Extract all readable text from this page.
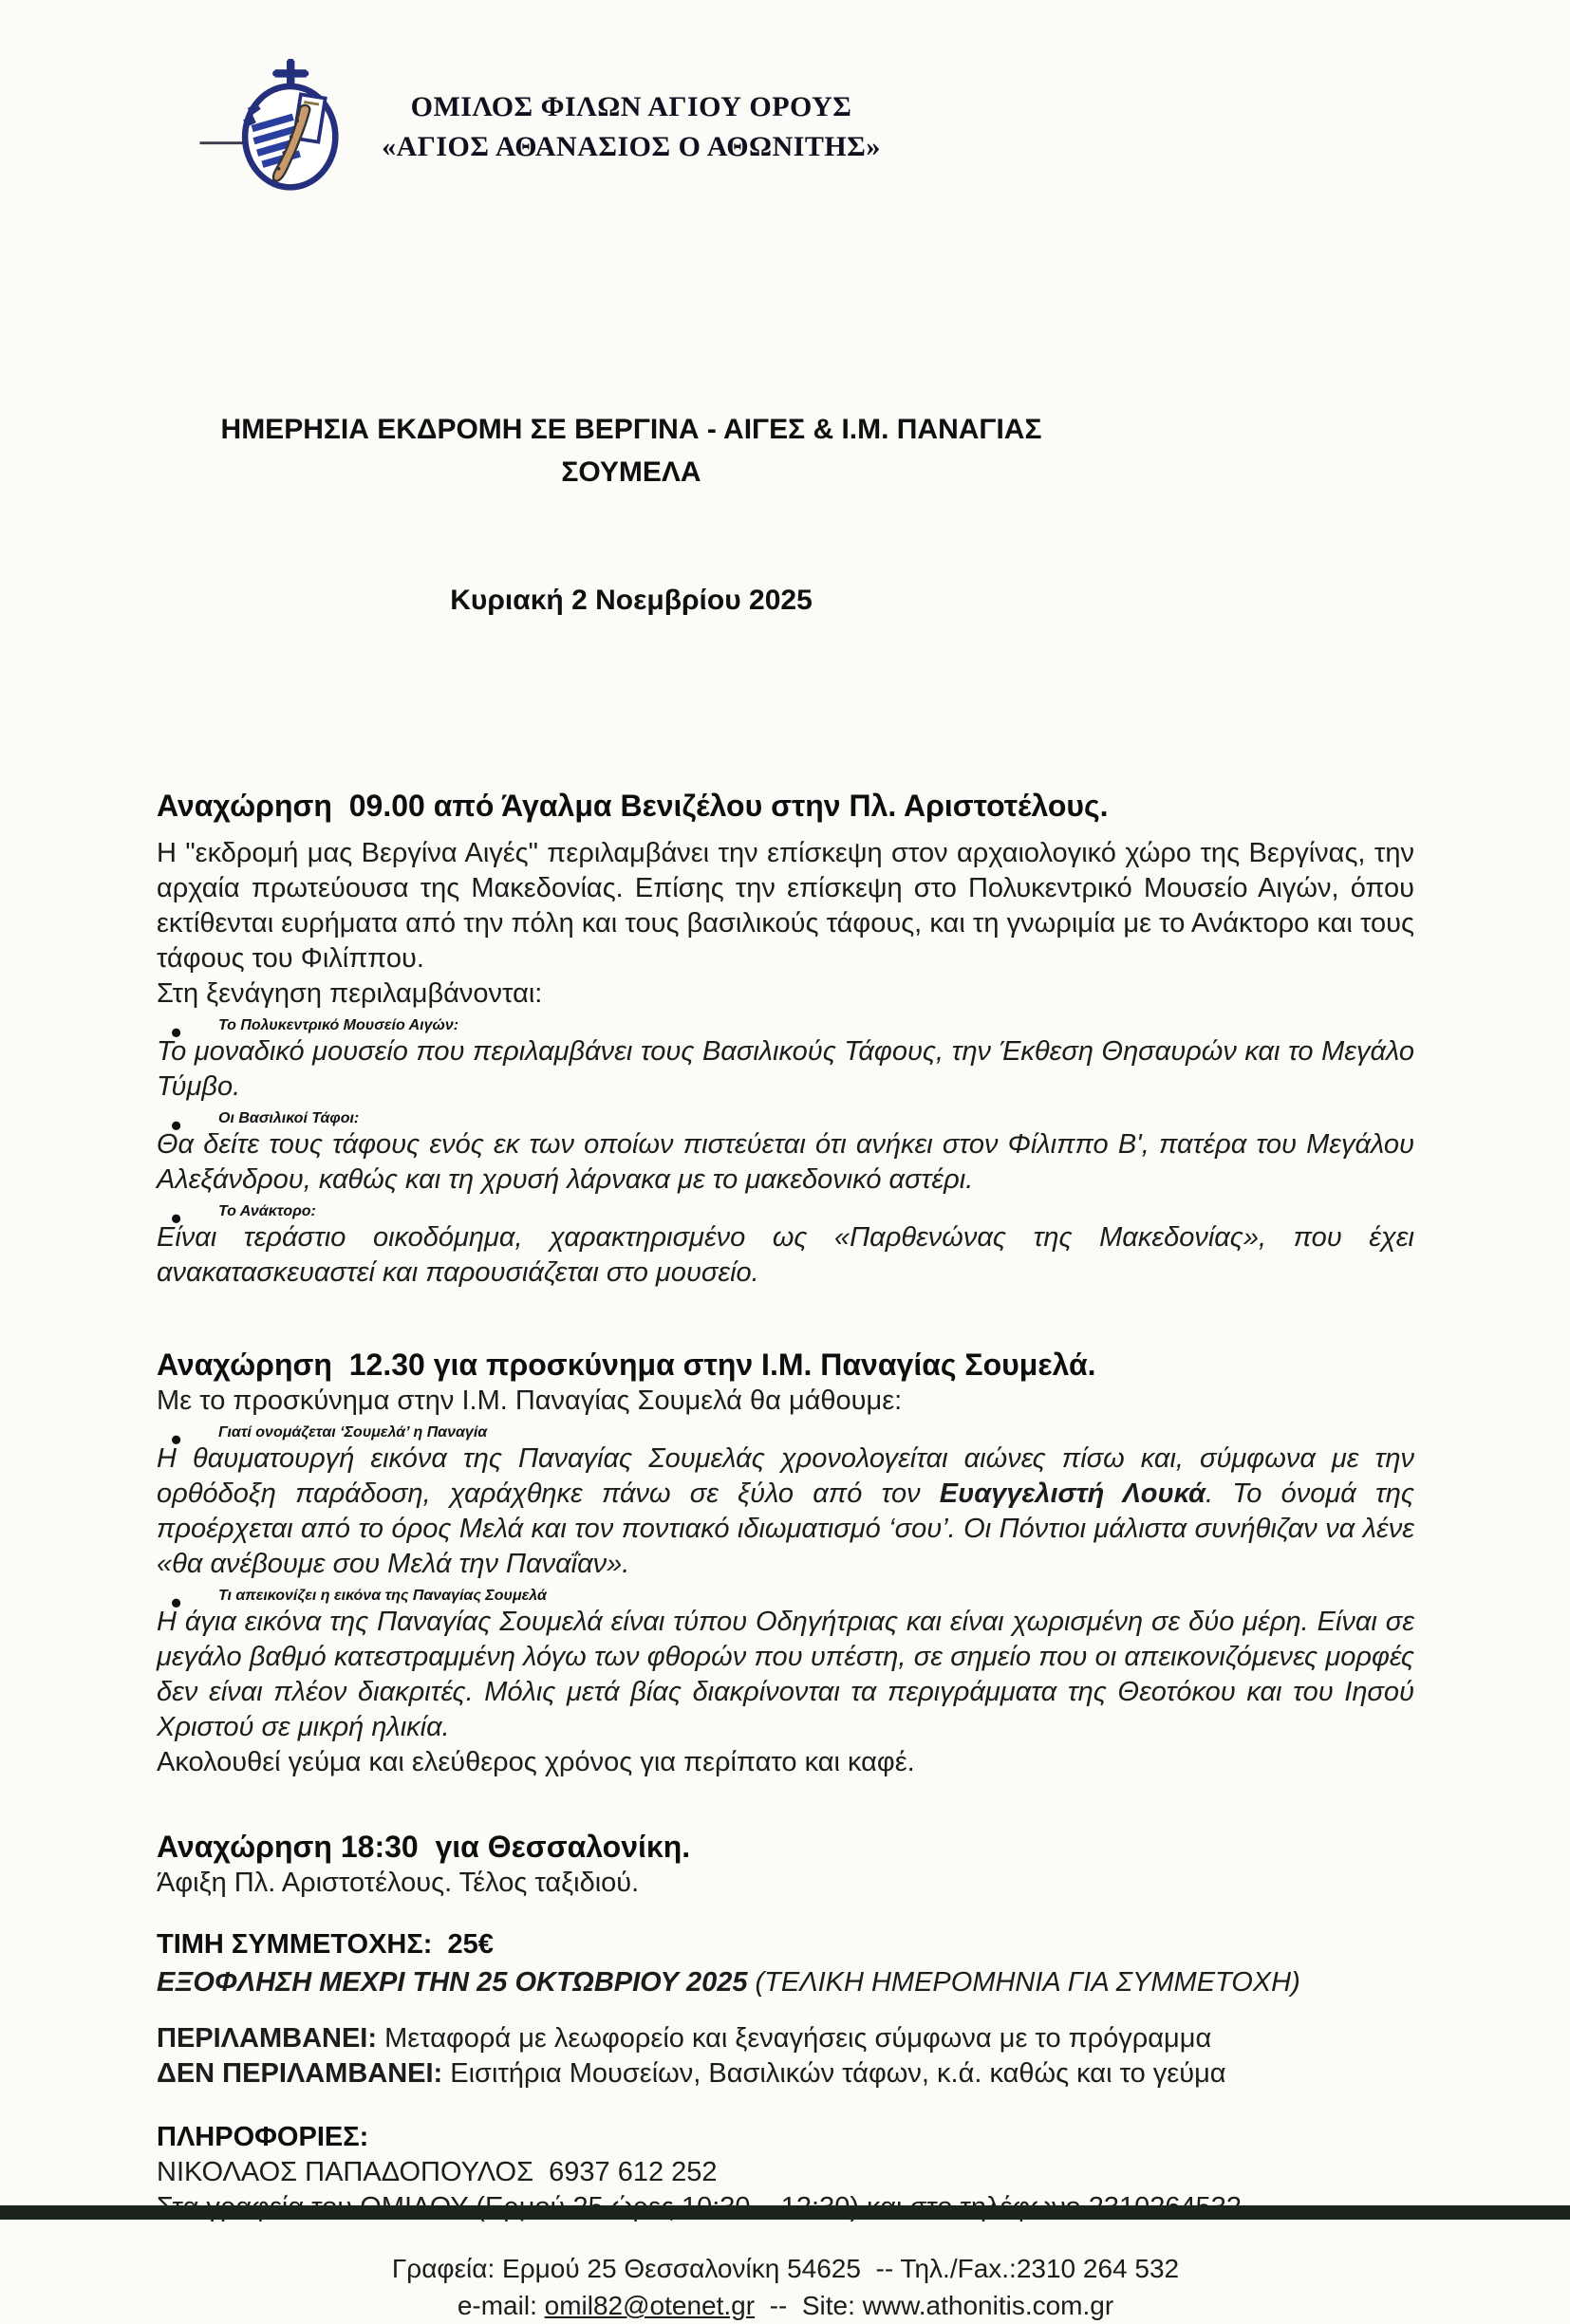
ΟΜΙΛΟΣ ΦΙΛΩΝ ΑΓΙΟΥ ΟΡΟΥΣ
«ΑΓΙΟΣ ΑΘΑΝΑΣΙΟΣ Ο ΑΘΩΝΙΤΗΣ»

ΗΜΕΡΗΣΙΑ ΕΚΔΡΟΜΗ ΣΕ ΒΕΡΓΙΝΑ - ΑΙΓΕΣ & Ι.Μ. ΠΑΝΑΓΙΑΣ ΣΟΥΜΕΛΑ

Κυριακή 2 Νοεμβρίου 2025

Αναχώρηση  09.00 από Άγαλμα Βενιζέλου στην Πλ. Αριστοτέλους.

Η "εκδρομή μας Βεργίνα Αιγές" περιλαμβάνει την επίσκεψη στον αρχαιολογικό χώρο της Βεργίνας, την αρχαία πρωτεύουσα της Μακεδονίας. Επίσης την επίσκεψη στο Πολυκεντρικό Μουσείο Αιγών, όπου εκτίθενται ευρήματα από την πόλη και τους βασιλικούς τάφους, και τη γνωριμία με το Ανάκτορο και τους τάφους του Φιλίππου.

Στη ξενάγηση περιλαμβάνονται:

• Το Πολυκεντρικό Μουσείο Αιγών:

Το μοναδικό μουσείο που περιλαμβάνει τους Βασιλικούς Τάφους, την Έκθεση Θησαυρών και το Μεγάλο Τύμβο.

• Οι Βασιλικοί Τάφοι:

Θα δείτε τους τάφους ενός εκ των οποίων πιστεύεται ότι ανήκει στον Φίλιππο Β', πατέρα του Μεγάλου Αλεξάνδρου, καθώς και τη χρυσή λάρνακα με το μακεδονικό αστέρι.

• Το Ανάκτορο:

Είναι τεράστιο οικοδόμημα, χαρακτηρισμένο ως «Παρθενώνας της Μακεδονίας», που έχει ανακατασκευαστεί και παρουσιάζεται στο μουσείο.

Αναχώρηση  12.30 για προσκύνημα στην Ι.Μ. Παναγίας Σουμελά.

Με το προσκύνημα στην Ι.Μ. Παναγίας Σουμελά θα μάθουμε:

• Γιατί ονομάζεται ‘Σουμελά’ η Παναγία

Η θαυματουργή εικόνα της Παναγίας Σουμελάς χρονολογείται αιώνες πίσω και, σύμφωνα με την ορθόδοξη παράδοση, χαράχθηκε πάνω σε ξύλο από τον Ευαγγελιστή Λουκά. Το όνομά της προέρχεται από το όρος Μελά και τον ποντιακό ιδιωματισμό ‘σου’. Οι Πόντιοι μάλιστα συνήθιζαν να λένε «θα ανέβουμε σου Μελά την Παναΐαν».

• Τι απεικονίζει η εικόνα της Παναγίας Σουμελά

Η άγια εικόνα της Παναγίας Σουμελά είναι τύπου Οδηγήτριας και είναι χωρισμένη σε δύο μέρη. Είναι σε μεγάλο βαθμό κατεστραμμένη λόγω των φθορών που υπέστη, σε σημείο που οι απεικονιζόμενες μορφές δεν είναι πλέον διακριτές. Μόλις μετά βίας διακρίνονται τα περιγράμματα της Θεοτόκου και του Ιησού Χριστού σε μικρή ηλικία.

Ακολουθεί γεύμα και ελεύθερος χρόνος για περίπατο και καφέ.

Αναχώρηση 18:30  για Θεσσαλονίκη.

Άφιξη Πλ. Αριστοτέλους. Τέλος ταξιδιού.

ΤΙΜΗ ΣΥΜΜΕΤΟΧΗΣ:  25€

ΕΞΟΦΛΗΣΗ ΜΕΧΡΙ ΤΗΝ 25 ΟΚΤΩΒΡΙΟΥ 2025 (ΤΕΛΙΚΗ ΗΜΕΡΟΜΗΝΙΑ ΓΙΑ ΣΥΜΜΕΤΟΧΗ)

ΠΕΡΙΛΑΜΒΑΝΕΙ: Μεταφορά με λεωφορείο και ξεναγήσεις σύμφωνα με το πρόγραμμα

ΔΕΝ ΠΕΡΙΛΑΜΒΑΝΕΙ: Εισιτήρια Μουσείων, Βασιλικών τάφων, κ.ά. καθώς και το γεύμα

ΠΛΗΡΟΦΟΡΙΕΣ:

ΝΙΚΟΛΑΟΣ ΠΑΠΑΔΟΠΟΥΛΟΣ  6937 612 252

Γραφεία: Ερμού 25 Θεσσαλονίκη 54625  -- Τηλ./Fax.:2310 264 532

e-mail: omil82@otenet.gr  --  Site: www.athonitis.com.gr
